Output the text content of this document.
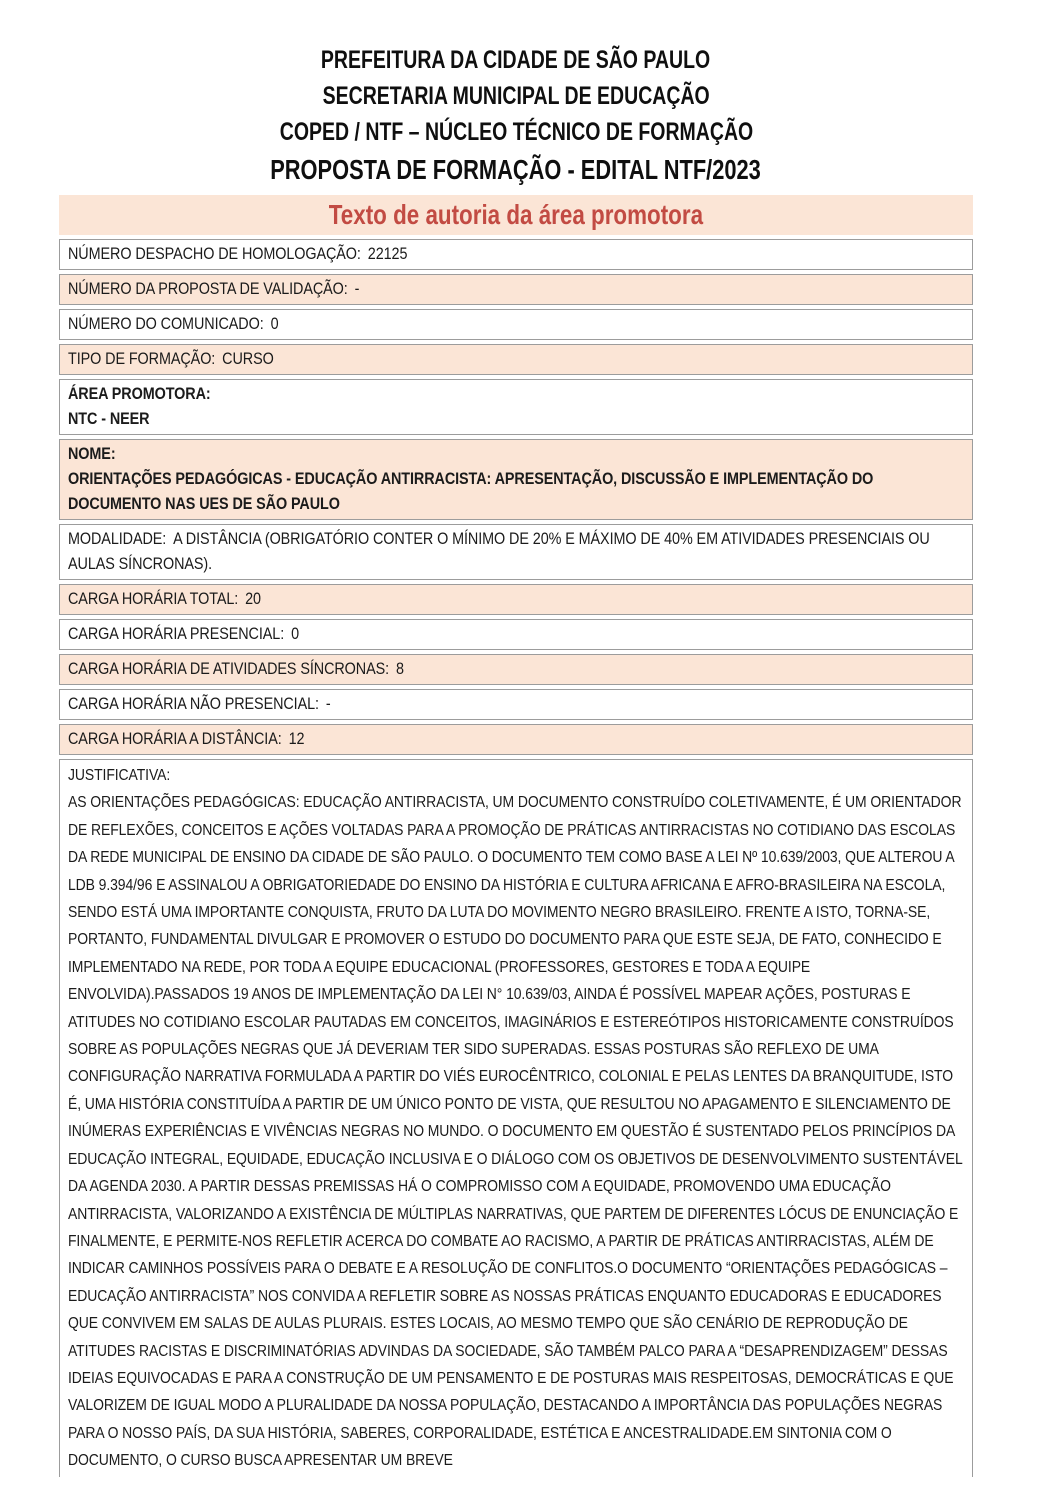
PREFEITURA DA CIDADE DE SÃO PAULO
SECRETARIA MUNICIPAL DE EDUCAÇÃO
COPED / NTF – NÚCLEO TÉCNICO DE FORMAÇÃO
PROPOSTA DE FORMAÇÃO - EDITAL NTF/2023
Texto de autoria da área promotora
NÚMERO DESPACHO DE HOMOLOGAÇÃO: 22125
NÚMERO DA PROPOSTA DE VALIDAÇÃO: -
NÚMERO DO COMUNICADO: 0
TIPO DE FORMAÇÃO: CURSO
ÁREA PROMOTORA:
NTC - NEER
NOME:
ORIENTAÇÕES PEDAGÓGICAS - EDUCAÇÃO ANTIRRACISTA: APRESENTAÇÃO, DISCUSSÃO E IMPLEMENTAÇÃO DO DOCUMENTO NAS UES DE SÃO PAULO
MODALIDADE: A DISTÂNCIA (OBRIGATÓRIO CONTER O MÍNIMO DE 20% E MÁXIMO DE 40% EM ATIVIDADES PRESENCIAIS OU AULAS SÍNCRONAS).
CARGA HORÁRIA TOTAL: 20
CARGA HORÁRIA PRESENCIAL: 0
CARGA HORÁRIA DE ATIVIDADES SÍNCRONAS: 8
CARGA HORÁRIA NÃO PRESENCIAL: -
CARGA HORÁRIA A DISTÂNCIA: 12
JUSTIFICATIVA:
AS ORIENTAÇÕES PEDAGÓGICAS: EDUCAÇÃO ANTIRRACISTA, UM DOCUMENTO CONSTRUÍDO COLETIVAMENTE, É UM ORIENTADOR DE REFLEXÕES, CONCEITOS E AÇÕES VOLTADAS PARA A PROMOÇÃO DE PRÁTICAS ANTIRRACISTAS NO COTIDIANO DAS ESCOLAS DA REDE MUNICIPAL DE ENSINO DA CIDADE DE SÃO PAULO. O DOCUMENTO TEM COMO BASE A LEI Nº 10.639/2003, QUE ALTEROU A LDB 9.394/96 E ASSINALOU A OBRIGATORIEDADE DO ENSINO DA HISTÓRIA E CULTURA AFRICANA E AFRO-BRASILEIRA NA ESCOLA, SENDO ESTÁ UMA IMPORTANTE CONQUISTA, FRUTO DA LUTA DO MOVIMENTO NEGRO BRASILEIRO. FRENTE A ISTO, TORNA-SE, PORTANTO, FUNDAMENTAL DIVULGAR E PROMOVER O ESTUDO DO DOCUMENTO PARA QUE ESTE SEJA, DE FATO, CONHECIDO E IMPLEMENTADO NA REDE, POR TODA A EQUIPE EDUCACIONAL (PROFESSORES, GESTORES E TODA A EQUIPE ENVOLVIDA).PASSADOS 19 ANOS DE IMPLEMENTAÇÃO DA LEI N° 10.639/03, AINDA É POSSÍVEL MAPEAR AÇÕES, POSTURAS E ATITUDES NO COTIDIANO ESCOLAR PAUTADAS EM CONCEITOS, IMAGINÁRIOS E ESTEREÓTIPOS HISTORICAMENTE CONSTRUÍDOS SOBRE AS POPULAÇÕES NEGRAS QUE JÁ DEVERIAM TER SIDO SUPERADAS. ESSAS POSTURAS SÃO REFLEXO DE UMA CONFIGURAÇÃO NARRATIVA FORMULADA A PARTIR DO VIÉS EUROCÊNTRICO, COLONIAL E PELAS LENTES DA BRANQUITUDE, ISTO É, UMA HISTÓRIA CONSTITUÍDA A PARTIR DE UM ÚNICO PONTO DE VISTA, QUE RESULTOU NO APAGAMENTO E SILENCIAMENTO DE INÚMERAS EXPERIÊNCIAS E VIVÊNCIAS NEGRAS NO MUNDO. O DOCUMENTO EM QUESTÃO É SUSTENTADO PELOS PRINCÍPIOS DA EDUCAÇÃO INTEGRAL, EQUIDADE, EDUCAÇÃO INCLUSIVA E O DIÁLOGO COM OS OBJETIVOS DE DESENVOLVIMENTO SUSTENTÁVEL DA AGENDA 2030. A PARTIR DESSAS PREMISSAS HÁ O COMPROMISSO COM A EQUIDADE, PROMOVENDO UMA EDUCAÇÃO ANTIRRACISTA, VALORIZANDO A EXISTÊNCIA DE MÚLTIPLAS NARRATIVAS, QUE PARTEM DE DIFERENTES LÓCUS DE ENUNCIAÇÃO E FINALMENTE, E PERMITE-NOS REFLETIR ACERCA DO COMBATE AO RACISMO, A PARTIR DE PRÁTICAS ANTIRRACISTAS, ALÉM DE INDICAR CAMINHOS POSSÍVEIS PARA O DEBATE E A RESOLUÇÃO DE CONFLITOS.O DOCUMENTO “ORIENTAÇÕES PEDAGÓGICAS – EDUCAÇÃO ANTIRRACISTA” NOS CONVIDA A REFLETIR SOBRE AS NOSSAS PRÁTICAS ENQUANTO EDUCADORAS E EDUCADORES QUE CONVIVEM EM SALAS DE AULAS PLURAIS. ESTES LOCAIS, AO MESMO TEMPO QUE SÃO CENÁRIO DE REPRODUÇÃO DE ATITUDES RACISTAS E DISCRIMINATÓRIAS ADVINDAS DA SOCIEDADE, SÃO TAMBÉM PALCO PARA A “DESAPRENDIZAGEM” DESSAS IDEIAS EQUIVOCADAS E PARA A CONSTRUÇÃO DE UM PENSAMENTO E DE POSTURAS MAIS RESPEITOSAS, DEMOCRÁTICAS E QUE VALORIZEM DE IGUAL MODO A PLURALIDADE DA NOSSA POPULAÇÃO, DESTACANDO A IMPORTÂNCIA DAS POPULAÇÕES NEGRAS PARA O NOSSO PAÍS, DA SUA HISTÓRIA, SABERES, CORPORALIDADE, ESTÉTICA E ANCESTRALIDADE.EM SINTONIA COM O DOCUMENTO, O CURSO BUSCA APRESENTAR UM BREVE
